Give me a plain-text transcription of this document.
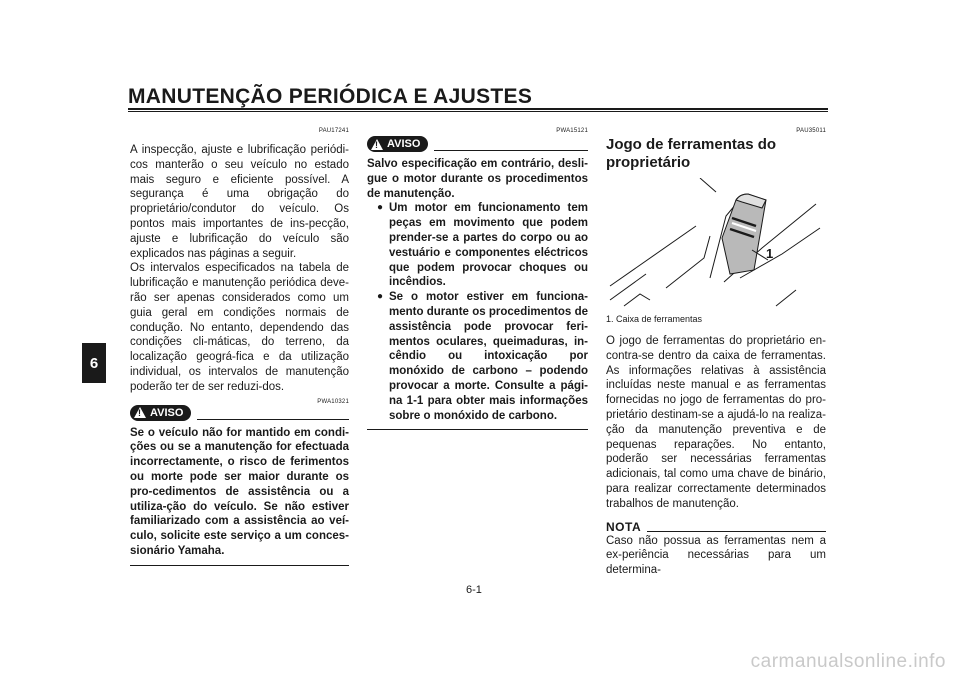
MANUTENÇÃO PERIÓDICA E AJUSTES
6
PAU17241

A inspecção, ajuste e lubrificação periódi-cos manterão o seu veículo no estado mais seguro e eficiente possível. A segurança é uma obrigação do proprietário/condutor do veículo. Os pontos mais importantes de ins-pecção, ajuste e lubrificação do veículo são explicados nas páginas a seguir.

Os intervalos especificados na tabela de lubrificação e manutenção periódica deve-rão ser apenas considerados como um guia geral em condições normais de condução. No entanto, dependendo das condições cli-máticas, do terreno, da localização geográ-fica e da utilização individual, os intervalos de manutenção poderão ter de ser reduzi-dos.

PWA10321
! AVISO
Se o veículo não for mantido em condi-ções ou se a manutenção for efectuada incorrectamente, o risco de ferimentos ou morte pode ser maior durante os pro-cedimentos de assistência ou a utiliza-ção do veículo. Se não estiver familiarizado com a assistência ao veí-culo, solicite este serviço a um conces-sionário Yamaha.
PWA15121
! AVISO
Salvo especificação em contrário, desli-gue o motor durante os procedimentos de manutenção.
● Um motor em funcionamento tem peças em movimento que podem prender-se a partes do corpo ou ao vestuário e componentes eléctricos que podem provocar choques ou incêndios.
● Se o motor estiver em funciona-mento durante os procedimentos de assistência pode provocar feri-mentos oculares, queimaduras, in-cêndio ou intoxicação por monóxido de carbono – podendo provocar a morte. Consulte a pági-na 1-1 para obter mais informações sobre o monóxido de carbono.
PAU35011
Jogo de ferramentas do proprietário
1
1. Caixa de ferramentas
O jogo de ferramentas do proprietário en-contra-se dentro da caixa de ferramentas. As informações relativas à assistência incluídas neste manual e as ferramentas fornecidas no jogo de ferramentas do pro-prietário destinam-se a ajudá-lo na realiza-ção da manutenção preventiva e de pequenas reparações. No entanto, poderão ser necessárias ferramentas adicionais, tal como uma chave de binário, para realizar correctamente determinados trabalhos de manutenção.
NOTA
Caso não possua as ferramentas nem a ex-periência necessárias para um determina-
6-1
carmanualsonline.info
